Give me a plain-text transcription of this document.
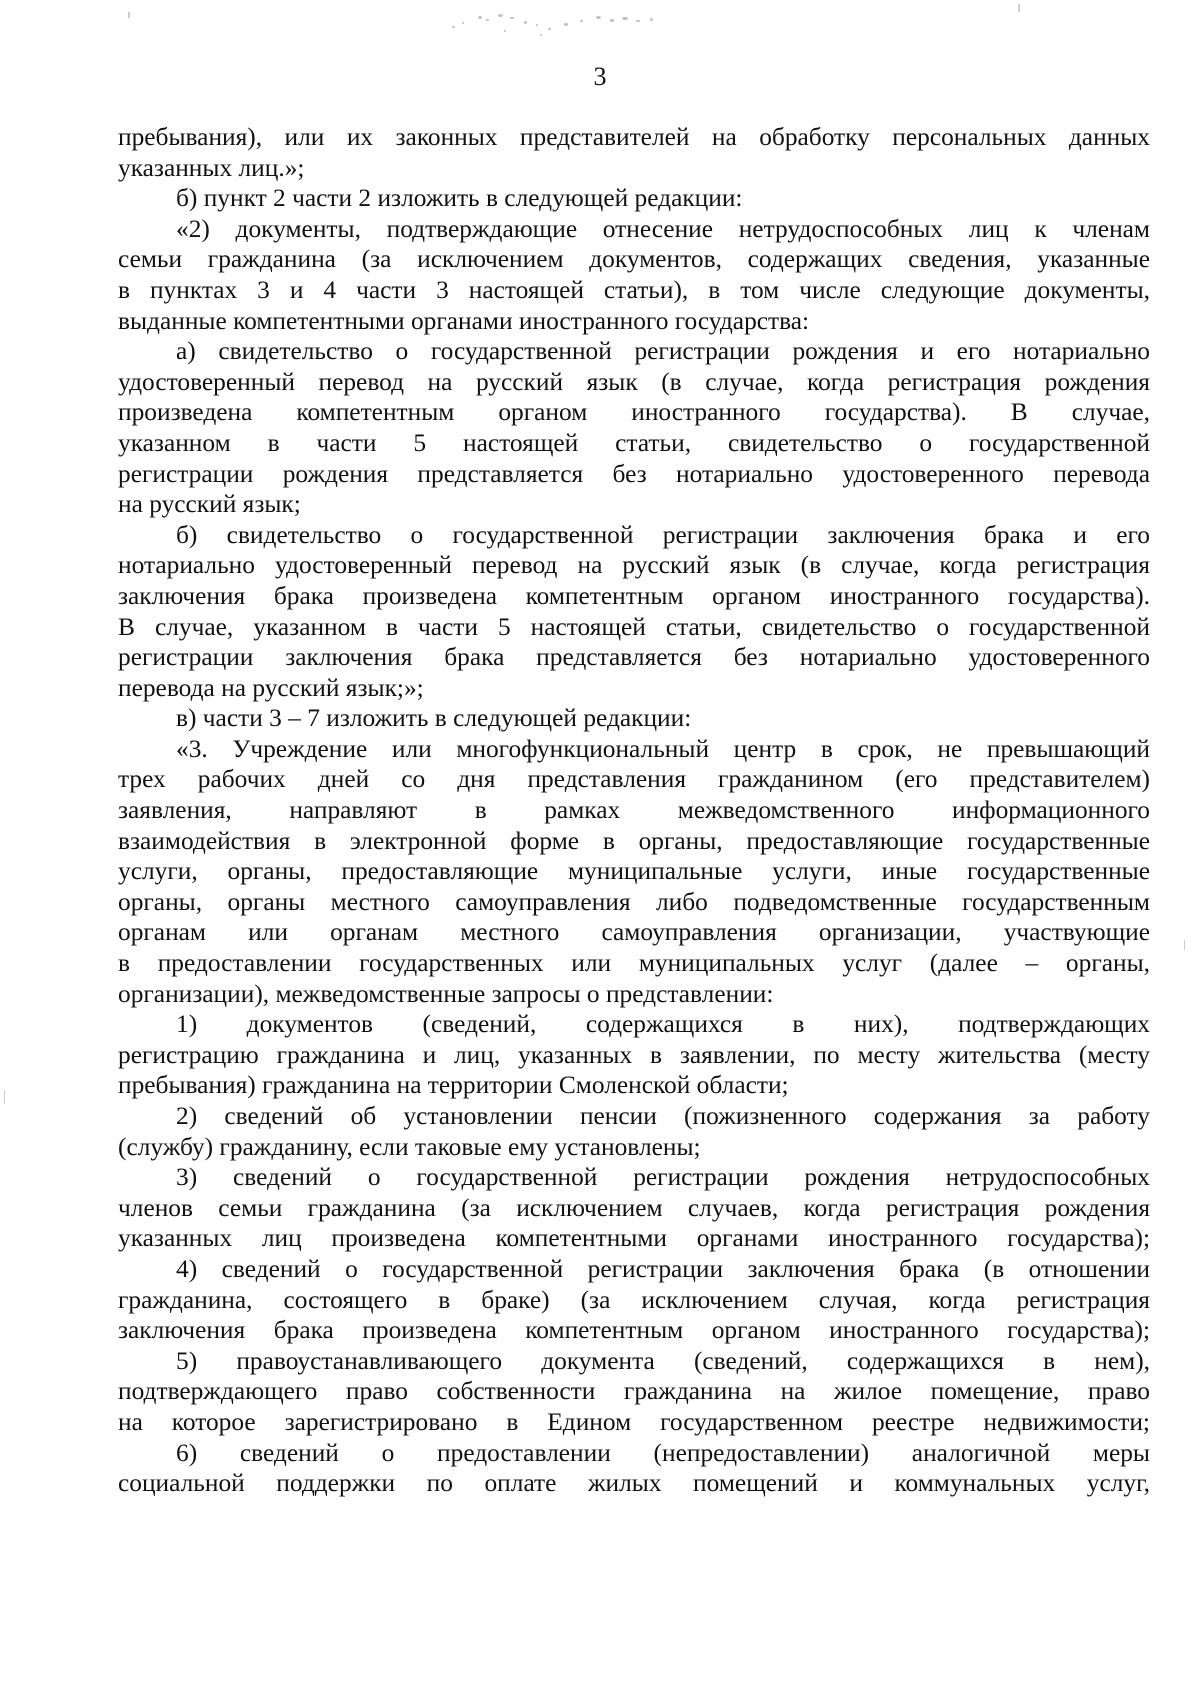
3
пребывания), или их законных представителей на обработку персональных данных
указанных лиц.»;
б) пункт 2 части 2 изложить в следующей редакции:
«2) документы, подтверждающие отнесение нетрудоспособных лиц к членам
семьи гражданина (за исключением документов, содержащих сведения, указанные
в пунктах 3 и 4 части 3 настоящей статьи), в том числе следующие документы,
выданные компетентными органами иностранного государства:
а) свидетельство о государственной регистрации рождения и его нотариально
удостоверенный перевод на русский язык (в случае, когда регистрация рождения
произведена компетентным органом иностранного государства). В случае,
указанном в части 5 настоящей статьи, свидетельство о государственной
регистрации рождения представляется без нотариально удостоверенного перевода
на русский язык;
б) свидетельство о государственной регистрации заключения брака и его
нотариально удостоверенный перевод на русский язык (в случае, когда регистрация
заключения брака произведена компетентным органом иностранного государства).
В случае, указанном в части 5 настоящей статьи, свидетельство о государственной
регистрации заключения брака представляется без нотариально удостоверенного
перевода на русский язык;»;
в) части 3 – 7 изложить в следующей редакции:
«3. Учреждение или многофункциональный центр в срок, не превышающий
трех рабочих дней со дня представления гражданином (его представителем)
заявления, направляют в рамках межведомственного информационного
взаимодействия в электронной форме в органы, предоставляющие государственные
услуги, органы, предоставляющие муниципальные услуги, иные государственные
органы, органы местного самоуправления либо подведомственные государственным
органам или органам местного самоуправления организации, участвующие
в предоставлении государственных или муниципальных услуг (далее – органы,
организации), межведомственные запросы о представлении:
1) документов (сведений, содержащихся в них), подтверждающих
регистрацию гражданина и лиц, указанных в заявлении, по месту жительства (месту
пребывания) гражданина на территории Смоленской области;
2) сведений об установлении пенсии (пожизненного содержания за работу
(службу) гражданину, если таковые ему установлены;
3) сведений о государственной регистрации рождения нетрудоспособных
членов семьи гражданина (за исключением случаев, когда регистрация рождения
указанных лиц произведена компетентными органами иностранного государства);
4) сведений о государственной регистрации заключения брака (в отношении
гражданина, состоящего в браке) (за исключением случая, когда регистрация
заключения брака произведена компетентным органом иностранного государства);
5) правоустанавливающего документа (сведений, содержащихся в нем),
подтверждающего право собственности гражданина на жилое помещение, право
на которое зарегистрировано в Едином государственном реестре недвижимости;
6) сведений о предоставлении (непредоставлении) аналогичной меры
социальной поддержки по оплате жилых помещений и коммунальных услуг,
